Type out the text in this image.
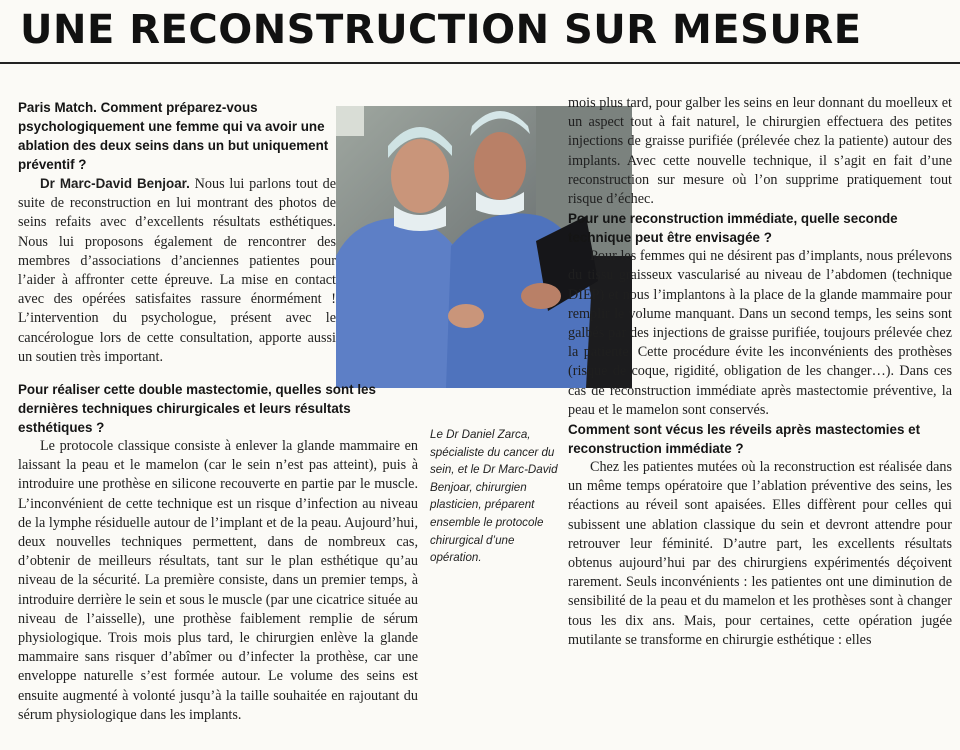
UNE RECONSTRUCTION SUR MESURE

Paris Match. Comment préparez-vous psychologiquement une femme qui va avoir une ablation des deux seins dans un but uniquement préventif ?

Dr Marc-David Benjoar. Nous lui parlons tout de suite de reconstruction en lui montrant des photos de seins refaits avec d’excellents résultats esthétiques. Nous lui proposons également de rencontrer des membres d’associations d’anciennes patientes pour l’aider à affronter cette épreuve. La mise en contact avec des opérées satisfaites rassure énormément ! L’intervention du psychologue, présent avec le cancérologue lors de cette consultation, apporte aussi un soutien très important.

Le Dr Daniel Zarca, spécialiste du cancer du sein, et le Dr Marc-David Benjoar, chirurgien plasticien, préparent ensemble le protocole chirurgical d’une opération.

Pour réaliser cette double mastectomie, quelles sont les dernières techniques chirurgicales et leurs résultats esthétiques ?

Le protocole classique consiste à enlever la glande mammaire en laissant la peau et le mamelon (car le sein n’est pas atteint), puis à introduire une prothèse en silicone recouverte en partie par le muscle. L’inconvénient de cette technique est un risque d’infection au niveau de la lymphe résiduelle autour de l’implant et de la peau. Aujourd’hui, deux nouvelles techniques permettent, dans de nombreux cas, d’obtenir de meilleurs résultats, tant sur le plan esthétique qu’au niveau de la sécurité. La première consiste, dans un premier temps, à introduire derrière le sein et sous le muscle (par une cicatrice située au niveau de l’aisselle), une prothèse faiblement remplie de sérum physiologique. Trois mois plus tard, le chirurgien enlève la glande mammaire sans risquer d’abîmer ou d’infecter la prothèse, car une enveloppe naturelle s’est formée autour. Le volume des seins est ensuite augmenté à volonté jusqu’à la taille souhaitée en rajoutant du sérum physiologique dans les implants.

mois plus tard, pour galber les seins en leur donnant du moelleux et un aspect tout à fait naturel, le chirurgien effectuera des petites injections de graisse purifiée (prélevée chez la patiente) autour des implants. Avec cette nouvelle technique, il s’agit en fait d’une reconstruction sur mesure où l’on supprime pratiquement tout risque d’échec.

Pour une reconstruction immédiate, quelle seconde technique peut être envisagée ?

Pour les femmes qui ne désirent pas d’implants, nous prélevons du tissu graisseux vascularisé au niveau de l’abdomen (technique DIEP) et nous l’implantons à la place de la glande mammaire pour remplir le volume manquant. Dans un second temps, les seins sont galbés par des injections de graisse purifiée, toujours prélevée chez la patiente. Cette procédure évite les inconvénients des prothèses (risque de coque, rigidité, obligation de les changer…). Dans ces cas de reconstruction immédiate après mastectomie préventive, la peau et le mamelon sont conservés.

Comment sont vécus les réveils après mastectomies et reconstruction immédiate ?

Chez les patientes mutées où la reconstruction est réalisée dans un même temps opératoire que l’ablation préventive des seins, les réactions au réveil sont apaisées. Elles diffèrent pour celles qui subissent une ablation classique du sein et devront attendre pour retrouver leur féminité. D’autre part, les excellents résultats obtenus aujourd’hui par des chirurgiens expérimentés déçoivent rarement. Seuls inconvénients : les patientes ont une diminution de sensibilité de la peau et du mamelon et les prothèses sont à changer tous les dix ans. Mais, pour certaines, cette opération jugée mutilante se transforme en chirurgie esthétique : elles
